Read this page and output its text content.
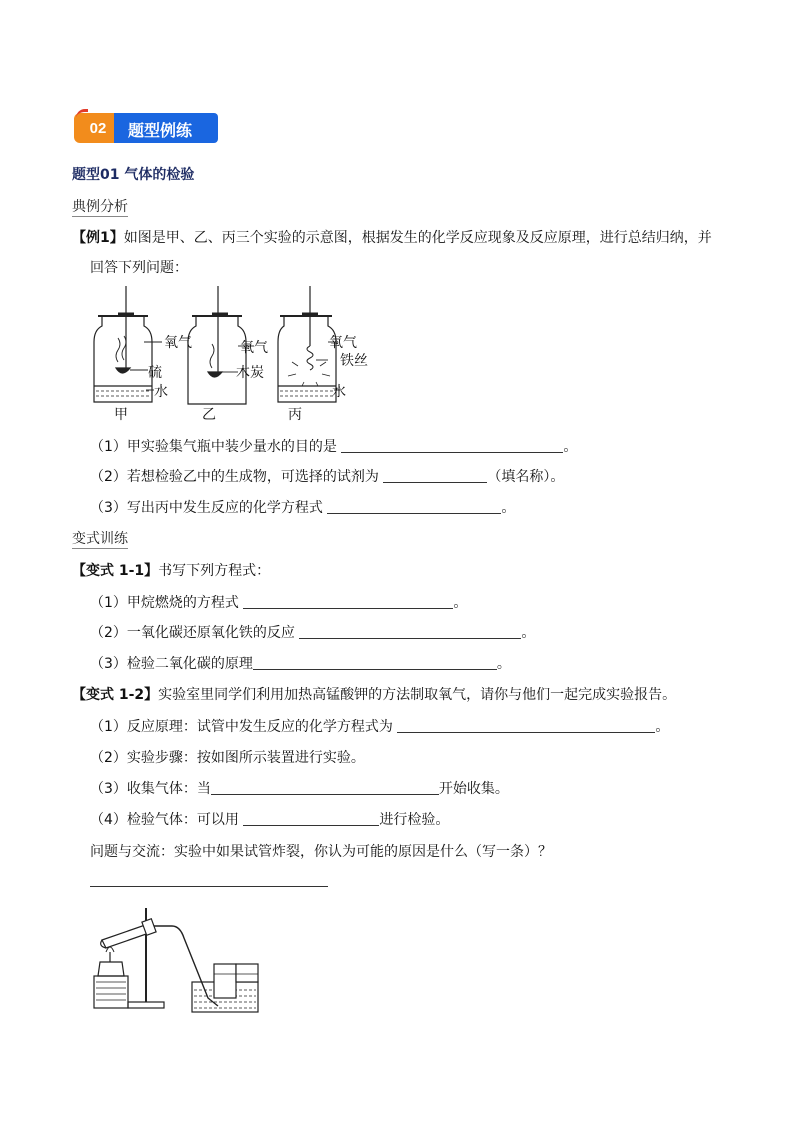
02	题型例练
题型01 气体的检验
典例分析
【例1】如图是甲、乙、丙三个实验的示意图，根据发生的化学反应现象及反应原理，进行总结归纳，并
回答下列问题：
氧气
硫
水
甲
氧气
木炭
乙
氧气
铁丝
水
丙
（1）甲实验集气瓶中装少量水的目的是	。
（2）若想检验乙中的生成物，可选择的试剂为	（填名称）。
（3）写出丙中发生反应的化学方程式	。
变式训练
【变式 1-1】书写下列方程式：
（1）甲烷燃烧的方程式	。
（2）一氧化碳还原氧化铁的反应	。
（3）检验二氧化碳的原理	。
【变式 1-2】实验室里同学们利用加热高锰酸钾的方法制取氧气，请你与他们一起完成实验报告。
（1）反应原理：试管中发生反应的化学方程式为	。
（2）实验步骤：按如图所示装置进行实验。
（3）收集气体：当	开始收集。
（4）检验气体：可以用	进行检验。
问题与交流：实验中如果试管炸裂，你认为可能的原因是什么（写一条）？
